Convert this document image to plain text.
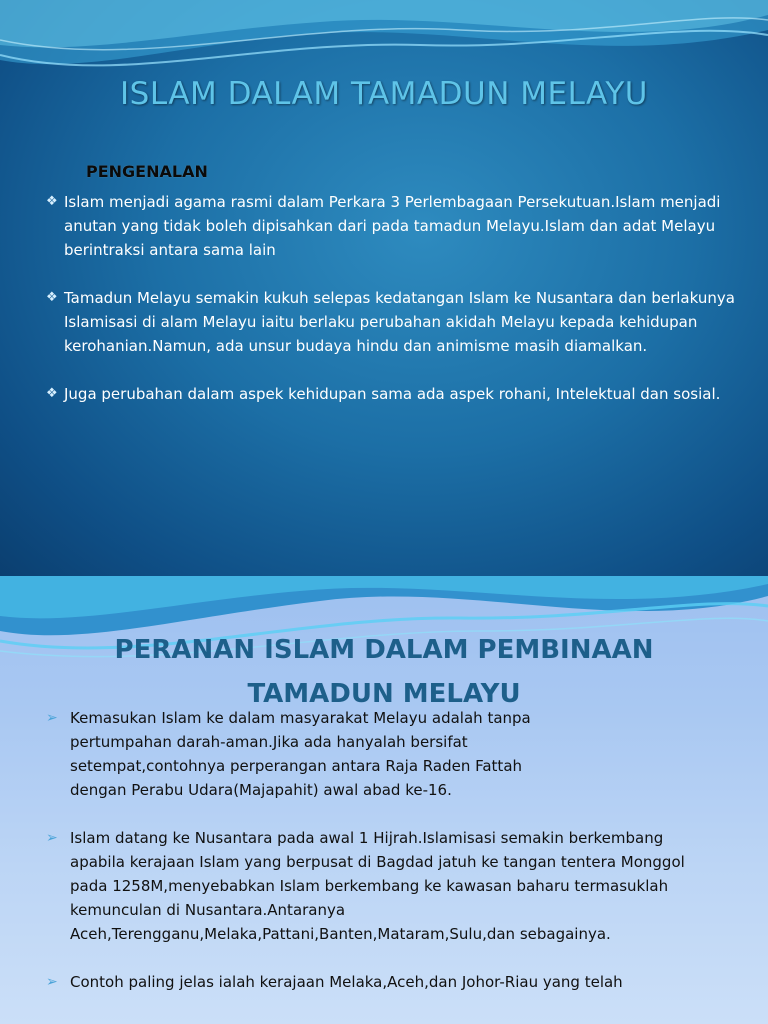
ISLAM DALAM TAMADUN MELAYU
PENGENALAN

❖ Islam menjadi agama rasmi dalam Perkara 3 Perlembagaan Persekutuan.Islam menjadi anutan yang tidak boleh dipisahkan dari pada tamadun Melayu.Islam dan adat Melayu berintraksi antara sama lain

❖ Tamadun Melayu semakin kukuh selepas kedatangan Islam ke Nusantara dan berlakunya Islamisasi di alam Melayu iaitu berlaku perubahan akidah Melayu kepada kehidupan kerohanian.Namun, ada unsur budaya hindu dan animisme masih diamalkan.

❖ Juga perubahan dalam aspek kehidupan sama ada aspek rohani, Intelektual dan sosial.

PERANAN ISLAM DALAM PEMBINAAN
TAMADUN MELAYU

➢ Kemasukan Islam ke dalam masyarakat Melayu adalah tanpa pertumpahan darah-aman.Jika ada hanyalah bersifat setempat,contohnya perperangan antara Raja Raden Fattah dengan Perabu Udara(Majapahit) awal abad ke-16.

➢ Islam datang ke Nusantara pada awal 1 Hijrah.Islamisasi semakin berkembang apabila kerajaan Islam yang berpusat di Bagdad jatuh ke tangan tentera Monggol pada 1258M,menyebabkan Islam berkembang ke kawasan baharu termasuklah kemunculan di Nusantara.Antaranya Aceh,Terengganu,Melaka,Pattani,Banten,Mataram,Sulu,dan sebagainya.

➢ Contoh paling jelas ialah kerajaan Melaka,Aceh,dan Johor-Riau yang telah
